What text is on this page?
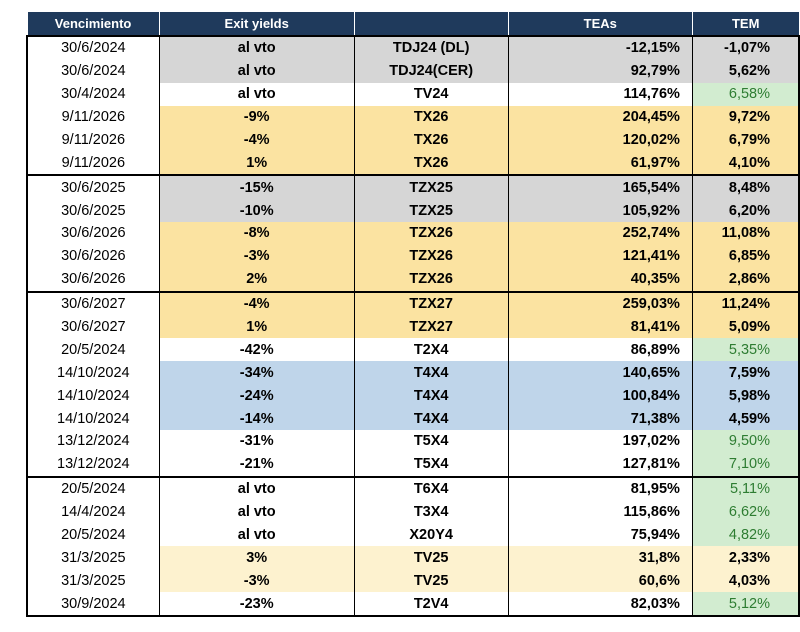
Vencimiento	Exit yields		TEAs	TEM
30/6/2024	al vto	TDJ24 (DL)	-12,15%	-1,07%
30/6/2024	al vto	TDJ24(CER)	92,79%	5,62%
30/4/2024	al vto	TV24	114,76%	6,58%
9/11/2026	-9%	TX26	204,45%	9,72%
9/11/2026	-4%	TX26	120,02%	6,79%
9/11/2026	1%	TX26	61,97%	4,10%
30/6/2025	-15%	TZX25	165,54%	8,48%
30/6/2025	-10%	TZX25	105,92%	6,20%
30/6/2026	-8%	TZX26	252,74%	11,08%
30/6/2026	-3%	TZX26	121,41%	6,85%
30/6/2026	2%	TZX26	40,35%	2,86%
30/6/2027	-4%	TZX27	259,03%	11,24%
30/6/2027	1%	TZX27	81,41%	5,09%
20/5/2024	-42%	T2X4	86,89%	5,35%
14/10/2024	-34%	T4X4	140,65%	7,59%
14/10/2024	-24%	T4X4	100,84%	5,98%
14/10/2024	-14%	T4X4	71,38%	4,59%
13/12/2024	-31%	T5X4	197,02%	9,50%
13/12/2024	-21%	T5X4	127,81%	7,10%
20/5/2024	al vto	T6X4	81,95%	5,11%
14/4/2024	al vto	T3X4	115,86%	6,62%
20/5/2024	al vto	X20Y4	75,94%	4,82%
31/3/2025	3%	TV25	31,8%	2,33%
31/3/2025	-3%	TV25	60,6%	4,03%
30/9/2024	-23%	T2V4	82,03%	5,12%
